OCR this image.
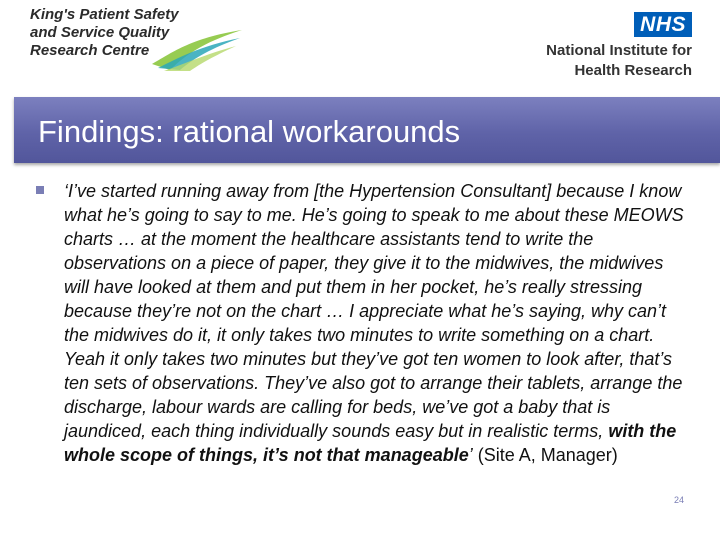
King's Patient Safety
and Service Quality
Research Centre
NHS
National Institute for
Health Research
Findings: rational workarounds
‘I’ve started running away from [the Hypertension Consultant] because I know what he’s going to say to me. He’s going to speak to me about these MEOWS charts … at the moment the healthcare assistants tend to write the observations on a piece of paper, they give it to the midwives, the midwives will have looked at them and put them in her pocket, he’s really stressing because they’re not on the chart … I appreciate what he’s saying, why can’t the midwives do it, it only takes two minutes to write something on a chart. Yeah it only takes two minutes but they’ve got ten women to look after, that’s ten sets of observations. They’ve also got to arrange their tablets, arrange the discharge, labour wards are calling for beds, we’ve got a baby that is jaundiced, each thing individually sounds easy but in realistic terms, with the whole scope of things, it’s not that manageable’ (Site A, Manager)
24
